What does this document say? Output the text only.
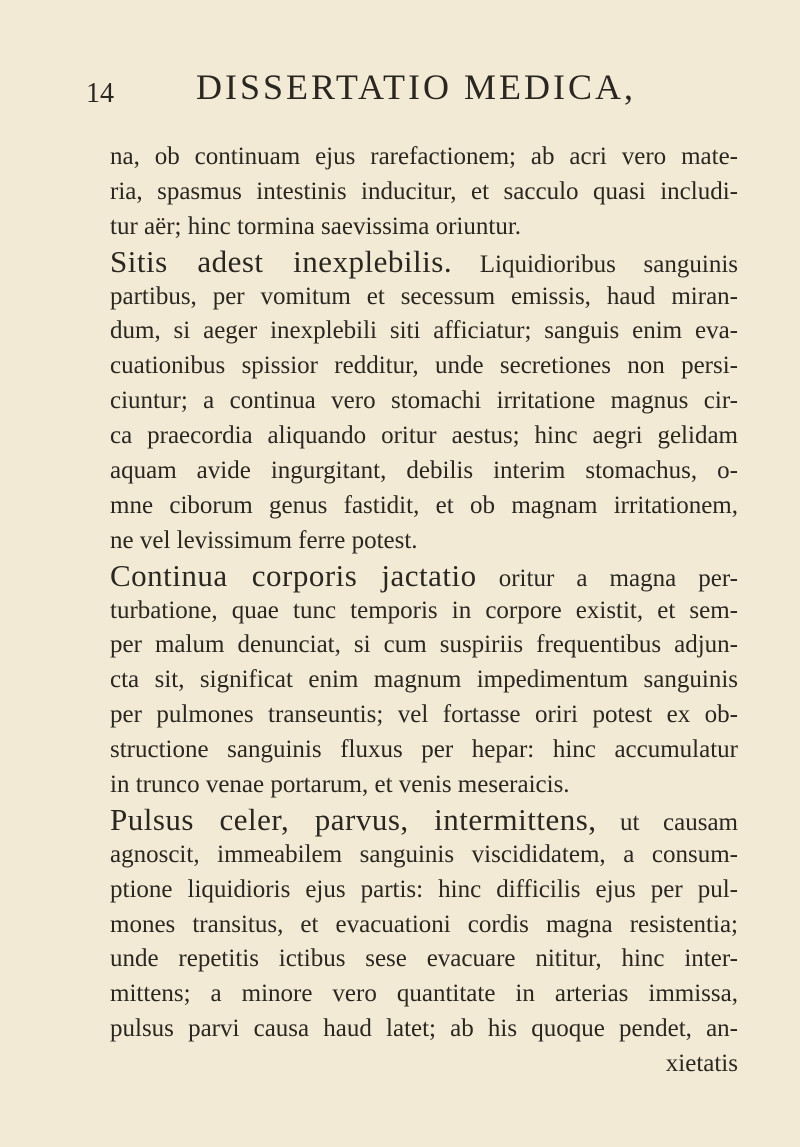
14 DISSERTATIO MEDICA,
na, ob continuam ejus rarefactionem; ab acri vero mate-
ria, spasmus intestinis inducitur, et sacculo quasi includi-
tur aër; hinc tormina saevissima oriuntur.
Sitis adest inexplebilis. Liquidioribus sanguinis
partibus, per vomitum et secessum emissis, haud miran-
dum, si aeger inexplebili siti afficiatur; sanguis enim eva-
cuationibus spissior redditur, unde secretiones non persi-
ciuntur; a continua vero stomachi irritatione magnus cir-
ca praecordia aliquando oritur aestus; hinc aegri gelidam
aquam avide ingurgitant, debilis interim stomachus, o-
mne ciborum genus fastidit, et ob magnam irritationem,
ne vel levissimum ferre potest.
Continua corporis jactatio oritur a magna per-
turbatione, quae tunc temporis in corpore existit, et sem-
per malum denunciat, si cum suspiriis frequentibus adjun-
cta sit, significat enim magnum impedimentum sanguinis
per pulmones transeuntis; vel fortasse oriri potest ex ob-
structione sanguinis fluxus per hepar: hinc accumulatur
in trunco venae portarum, et venis meseraicis.
Pulsus celer, parvus, intermittens, ut causam
agnoscit, immeabilem sanguinis viscididatem, a consum-
ptione liquidioris ejus partis: hinc difficilis ejus per pul-
mones transitus, et evacuationi cordis magna resistentia;
unde repetitis ictibus sese evacuare nititur, hinc inter-
mittens; a minore vero quantitate in arterias immissa,
pulsus parvi causa haud latet; ab his quoque pendet, an-
xietatis
